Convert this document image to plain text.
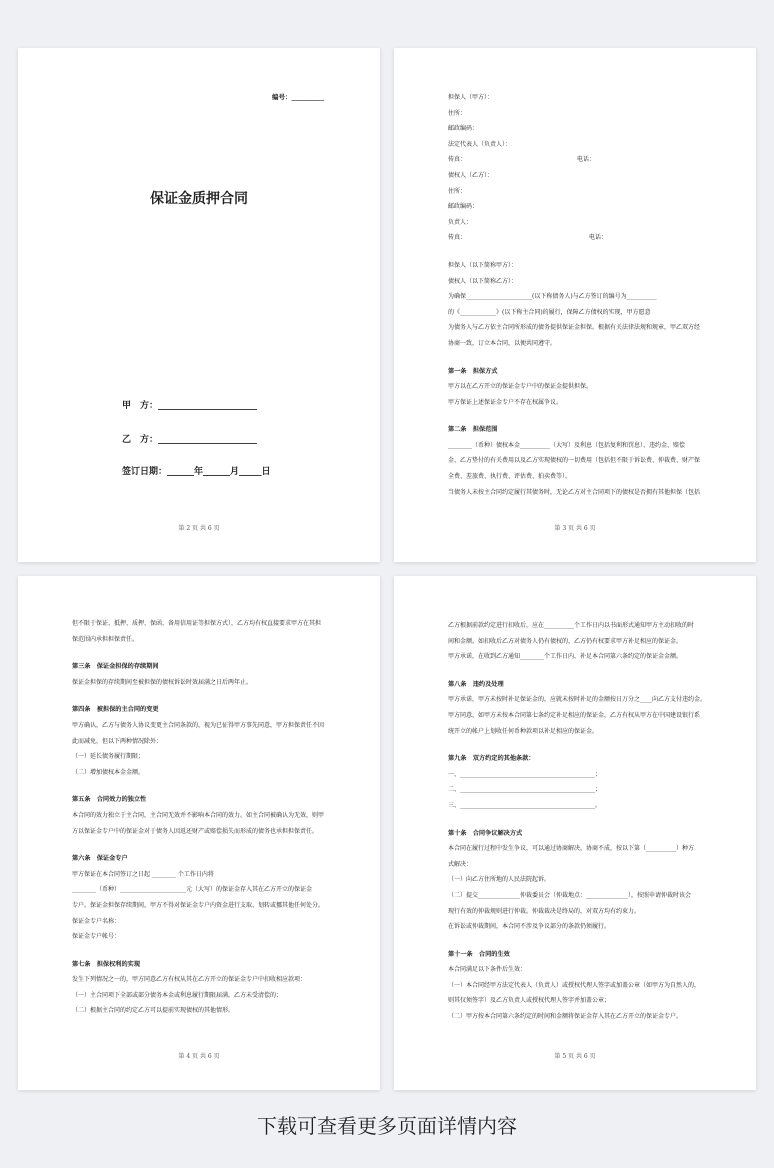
编号：__________
保证金质押合同
甲　方：______________________
乙　方：______________________
签订日期：______年______月_____日
第 2 页 共 6 页
担保人（甲方）：
住所：
邮政编码：
法定代表人（负责人）：
传真：　　　　　　　　　　　　　　　　　　　电话：
债权人（乙方）：
住所：
邮政编码：
负责人：
传真：　　　　　　　　　　　　　　　　　　　　　电话：
担保人（以下简称甲方）：
债权人（以下简称乙方）：
为确保______________________(以下称债务人)与乙方签订的编号为__________
的《____________》(以下称主合同)的履行，保障乙方债权的实现，甲方愿意
为债务人与乙方依主合同所形成的债务提供保证金担保。根据有关法律法规和规章，甲乙双方经
协商一致，订立本合同，以便共同遵守。
第一条　担保方式
甲方以在乙方开立的保证金专户中的保证金提供担保。
甲方保证上述保证金专户不存在权属争议。
第二条　担保范围
________（币种）债权本金__________（大写）及利息（包括复利和罚息）、违约金、赔偿
金、乙方垫付的有关费用以及乙方实现债权的一切费用（包括但不限于诉讼费、仲裁费、财产保
全费、差旅费、执行费、评估费、拍卖费等）。
当债务人未按主合同约定履行其债务时，无论乙方对主合同项下的债权是否拥有其他担保（包括
第 3 页 共 6 页
但不限于保证、抵押、质押、保函、备用信用证等担保方式），乙方均有权直接要求甲方在其担
保范围内承担担保责任。
第三条　保证金担保的存续期间
保证金担保的存续期间至被担保的债权诉讼时效届满之日后两年止。
第四条　被担保的主合同的变更
甲方确认，乙方与债务人协议变更主合同条款的，视为已征得甲方事先同意，甲方担保责任不因
此而减免，但以下两种情况除外：
（一）延长债务履行期限；
（二）增加债权本金金额。
第五条　合同效力的独立性
本合同的效力独立于主合同，主合同无效并不影响本合同的效力。如主合同被确认为无效，则甲
方以保证金专户中的保证金对于债务人因返还财产或赔偿损失而形成的债务也承担担保责任。
第六条　保证金专户
甲方保证在本合同签订之日起 ________ 个工作日内将
________（币种）______________________元（大写）的保证金存入其在乙方开立的保证金
专户。保证金担保存续期间，甲方不得对保证金专户内资金进行支取、划转或挪其他任何处分。
保证金专户名称：
保证金专户帐号：
第七条　担保权利的实现
发生下列情况之一的，甲方同意乙方有权从其在乙方开立的保证金专户中扣收相应款项：
（一）主合同项下全部或部分债务本金或利息履行期限届满，乙方未受清偿的；
（二）根据主合同的约定乙方可以提前实现债权的其他情形。
第 4 页 共 6 页
乙方根据前款约定进行扣收后，应在__________个工作日内以书面形式通知甲方主动扣收的时
间和金额。如扣收后乙方对债务人仍有债权的，乙方仍有权要求甲方补足相应的保证金。
甲方承诺，在收到乙方通知________个工作日内，补足本合同第六条约定的保证金金额。
第八条　违约及处理
甲方承诺，甲方未按时补足保证金的，应就未按时补足的金额按日万分之____向乙方支付违约金。
甲方同意，如甲方未按本合同第七条约定补足相应的保证金，乙方有权从甲方在中国建设银行系
统开立的帐户上划收任何币种款项以补足相应的保证金。
第九条　双方约定的其他条款：
一、_____________________________________________；
二、_____________________________________________；
三、_____________________________________________。
第十条　合同争议解决方式
本合同在履行过程中发生争议，可以通过协商解决，协商不成，按以下第（__________）种方
式解决：
（一）向乙方住所地的人民法院起诉。
（二）提交______________仲裁委员会（仲裁地点：______________），按照申请仲裁时该会
现行有效的仲裁规则进行仲裁。仲裁裁决是终局的，对双方均有约束力。
在诉讼或仲裁期间，本合同不涉及争议部分的条款仍须履行。
第十一条　合同的生效
本合同满足以下条件后生效：
（一）本合同经甲方法定代表人（负责人）或授权代理人签字或加盖公章（如甲方为自然人的，
则其仅须签字）及乙方负责人或授权代理人签字并加盖公章；
（二）甲方按本合同第六条约定的时间和金额将保证金存入其在乙方开立的保证金专户。
第 5 页 共 6 页
下载可查看更多页面详情内容
